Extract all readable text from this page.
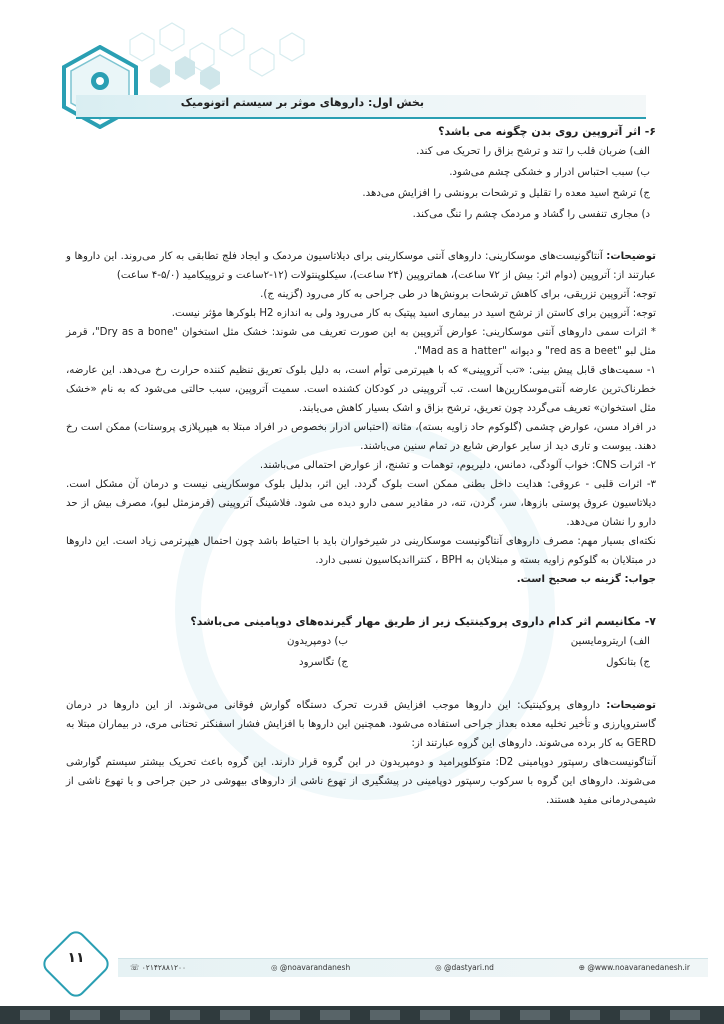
بخش اول: داروهای موثر بر سیستم اتونومیک

۶- اثر آتروپین روی بدن چگونه می باشد؟

الف) ضربان قلب را تند و ترشح بزاق را تحریک می کند.

ب) سبب احتباس ادرار و خشکی چشم می‌شود.

ج) ترشح اسید معده را تقلیل و ترشحات برونشی را افزایش می‌دهد.

د) مجاری تنفسی را گشاد و مردمک چشم را تنگ می‌کند.

توضیحات: آنتاگونیست‌های موسکارینی: داروهای آنتی موسکارینی برای دیلاتاسیون مردمک و ایجاد فلج تطابقی به کار می‌روند. این داروها و عبارتند از: آتروپین (دوام اثر: بیش از ۷۲ ساعت)، هماتروپین (۲۴ ساعت)، سیکلوپنتولات (۱۲-۲ساعت و تروپیکامید (۵/۰-۴ ساعت)

توجه: آتروپین تزریقی، برای کاهش ترشحات برونش‌ها در طی جراحی به کار می‌رود (گزینه ج).

توجه: آتروپین برای کاستن از ترشح اسید در بیماری اسید پپتیک به کار می‌رود ولی به اندازه H2 بلوکرها مؤثر نیست.

* اثرات سمی داروهای آنتی موسکارینی: عوارض آتروپین به این صورت تعریف می شوند: خشک مثل استخوان "Dry as a bone"، قرمز مثل لبو "red as a beet" و دیوانه "Mad as a hatter".

۱- سمیت‌های قابل پیش بینی: «تب آتروپینی» که با هیپرترمی توأم است، به دلیل بلوک تعریق تنظیم کننده حرارت رخ می‌دهد. این عارضه، خطرناک‌ترین عارضه آنتی‌موسکارین‌ها است. تب آتروپینی در کودکان کشنده است. سمیت آتروپین، سبب حالتی می‌شود که به نام «خشک مثل استخوان» تعریف می‌گردد چون تعریق، ترشح بزاق و اشک بسیار کاهش می‌یابند.

در افراد مسن، عوارض چشمی (گلوکوم حاد زاویه بسته)، مثانه (احتباس ادرار بخصوص در افراد مبتلا به هیپرپلازی پروستات) ممکن است رخ دهند. یبوست و تاری دید از سایر عوارض شایع در تمام سنین می‌باشند.

۲- اثرات CNS: خواب آلودگی، دمانس، دلیریوم، توهمات و تشنج، از عوارض احتمالی می‌باشند.

۳- اثرات قلبی - عروقی: هدایت داخل بطنی ممکن است بلوک گردد. این اثر، بدلیل بلوک موسکارینی نیست و درمان آن مشکل است. دیلاتاسیون عروق پوستی بازوها، سر، گردن، تنه، در مقادیر سمی دارو دیده می شود. فلاشینگ آتروپینی (قرمزمثل لبو)، مصرف بیش از حد دارو را نشان می‌دهد.

نکته‌ای بسیار مهم: مصرف داروهای آنتاگونیست موسکارینی در شیرخواران باید با احتیاط باشد چون احتمال هیپرترمی زیاد است. این داروها در مبتلایان به گلوکوم زاویه بسته و مبتلایان به BPH ، کنترااندیکاسیون نسبی دارد.

جواب: گزینه ب صحیح است.

۷- مکانیسم اثر کدام داروی پروکینتیک زیر از طریق مهار گیرنده‌های دوپامینی می‌باشد؟

الف) اریترومایسین
ب) دومپریدون
ج) بتانکول
ج) تگاسرود

توضیحات: داروهای پروکینتیک: این داروها موجب افزایش قدرت تحرک دستگاه گوارش فوقانی می‌شوند. از این داروها در درمان گاستروپارزی و تأخیر تخلیه معده بعداز جراحی استفاده می‌شود. همچنین این داروها با افزایش فشار اسفنکتر تحتانی مری، در بیماران مبتلا به GERD به کار برده می‌شوند. داروهای این گروه عبارتند از:

آنتاگونیست‌های رسپتور دوپامینی D2: متوکلوپرامید و دومپریدون در این گروه قرار دارند. این گروه باعث تحریک بیشتر سیستم گوارشی می‌شوند. داروهای این گروه با سرکوب رسپتور دوپامینی در پیشگیری از تهوع ناشی از داروهای بیهوشی در حین جراحی و یا تهوع ناشی از شیمی‌درمانی مفید هستند.

☏ ۰۲۱۴۲۸۸۱۲۰۰	◎ @noavarandanesh	◎ @dastyari.nd	⊕ @www.noavaranedanesh.ir
۱۱
